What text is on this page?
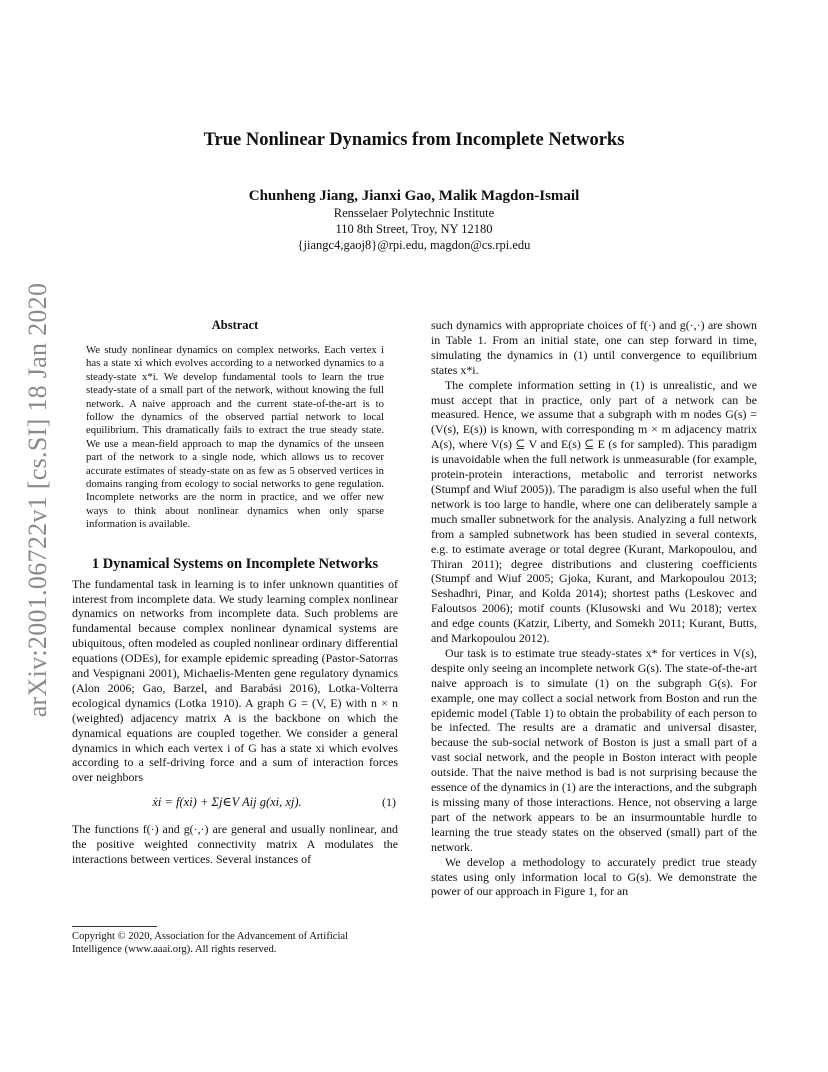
arXiv:2001.06722v1 [cs.SI] 18 Jan 2020
True Nonlinear Dynamics from Incomplete Networks
Chunheng Jiang, Jianxi Gao, Malik Magdon-Ismail
Rensselaer Polytechnic Institute
110 8th Street, Troy, NY 12180
{jiangc4,gaoj8}@rpi.edu, magdon@cs.rpi.edu
Abstract

We study nonlinear dynamics on complex networks. Each vertex i has a state xi which evolves according to a networked dynamics to a steady-state x*i. We develop fundamental tools to learn the true steady-state of a small part of the network, without knowing the full network. A naive approach and the current state-of-the-art is to follow the dynamics of the observed partial network to local equilibrium. This dramatically fails to extract the true steady state. We use a mean-field approach to map the dynamics of the unseen part of the network to a single node, which allows us to recover accurate estimates of steady-state on as few as 5 observed vertices in domains ranging from ecology to social networks to gene regulation. Incomplete networks are the norm in practice, and we offer new ways to think about nonlinear dynamics when only sparse information is available.

1 Dynamical Systems on Incomplete Networks

The fundamental task in learning is to infer unknown quantities of interest from incomplete data. We study learning complex nonlinear dynamics on networks from incomplete data. Such problems are fundamental because complex nonlinear dynamical systems are ubiquitous, often modeled as coupled nonlinear ordinary differential equations (ODEs), for example epidemic spreading (Pastor-Satorras and Vespignani 2001), Michaelis-Menten gene regulatory dynamics (Alon 2006; Gao, Barzel, and Barabási 2016), Lotka-Volterra ecological dynamics (Lotka 1910). A graph G = (V, E) with n × n (weighted) adjacency matrix A is the backbone on which the dynamical equations are coupled together. We consider a general dynamics in which each vertex i of G has a state xi which evolves according to a self-driving force and a sum of interaction forces over neighbors

ẋi = f(xi) + Σj∈V Aij g(xi, xj).	(1)

The functions f(·) and g(·,·) are general and usually nonlinear, and the positive weighted connectivity matrix A modulates the interactions between vertices. Several instances of

Copyright © 2020, Association for the Advancement of Artificial Intelligence (www.aaai.org). All rights reserved.

such dynamics with appropriate choices of f(·) and g(·,·) are shown in Table 1. From an initial state, one can step forward in time, simulating the dynamics in (1) until convergence to equilibrium states x*i.

The complete information setting in (1) is unrealistic, and we must accept that in practice, only part of a network can be measured. Hence, we assume that a subgraph with m nodes G(s) = (V(s), E(s)) is known, with corresponding m × m adjacency matrix A(s), where V(s) ⊆ V and E(s) ⊆ E (s for sampled). This paradigm is unavoidable when the full network is unmeasurable (for example, protein-protein interactions, metabolic and terrorist networks (Stumpf and Wiuf 2005)). The paradigm is also useful when the full network is too large to handle, where one can deliberately sample a much smaller subnetwork for the analysis. Analyzing a full network from a sampled subnetwork has been studied in several contexts, e.g. to estimate average or total degree (Kurant, Markopoulou, and Thiran 2011); degree distributions and clustering coefficients (Stumpf and Wiuf 2005; Gjoka, Kurant, and Markopoulou 2013; Seshadhri, Pinar, and Kolda 2014); shortest paths (Leskovec and Faloutsos 2006); motif counts (Klusowski and Wu 2018); vertex and edge counts (Katzir, Liberty, and Somekh 2011; Kurant, Butts, and Markopoulou 2012).

Our task is to estimate true steady-states x* for vertices in V(s), despite only seeing an incomplete network G(s). The state-of-the-art naive approach is to simulate (1) on the subgraph G(s). For example, one may collect a social network from Boston and run the epidemic model (Table 1) to obtain the probability of each person to be infected. The results are a dramatic and universal disaster, because the sub-social network of Boston is just a small part of a vast social network, and the people in Boston interact with people outside. That the naive method is bad is not surprising because the essence of the dynamics in (1) are the interactions, and the subgraph is missing many of those interactions. Hence, not observing a large part of the network appears to be an insurmountable hurdle to learning the true steady states on the observed (small) part of the network.

We develop a methodology to accurately predict true steady states using only information local to G(s). We demonstrate the power of our approach in Figure 1, for an
